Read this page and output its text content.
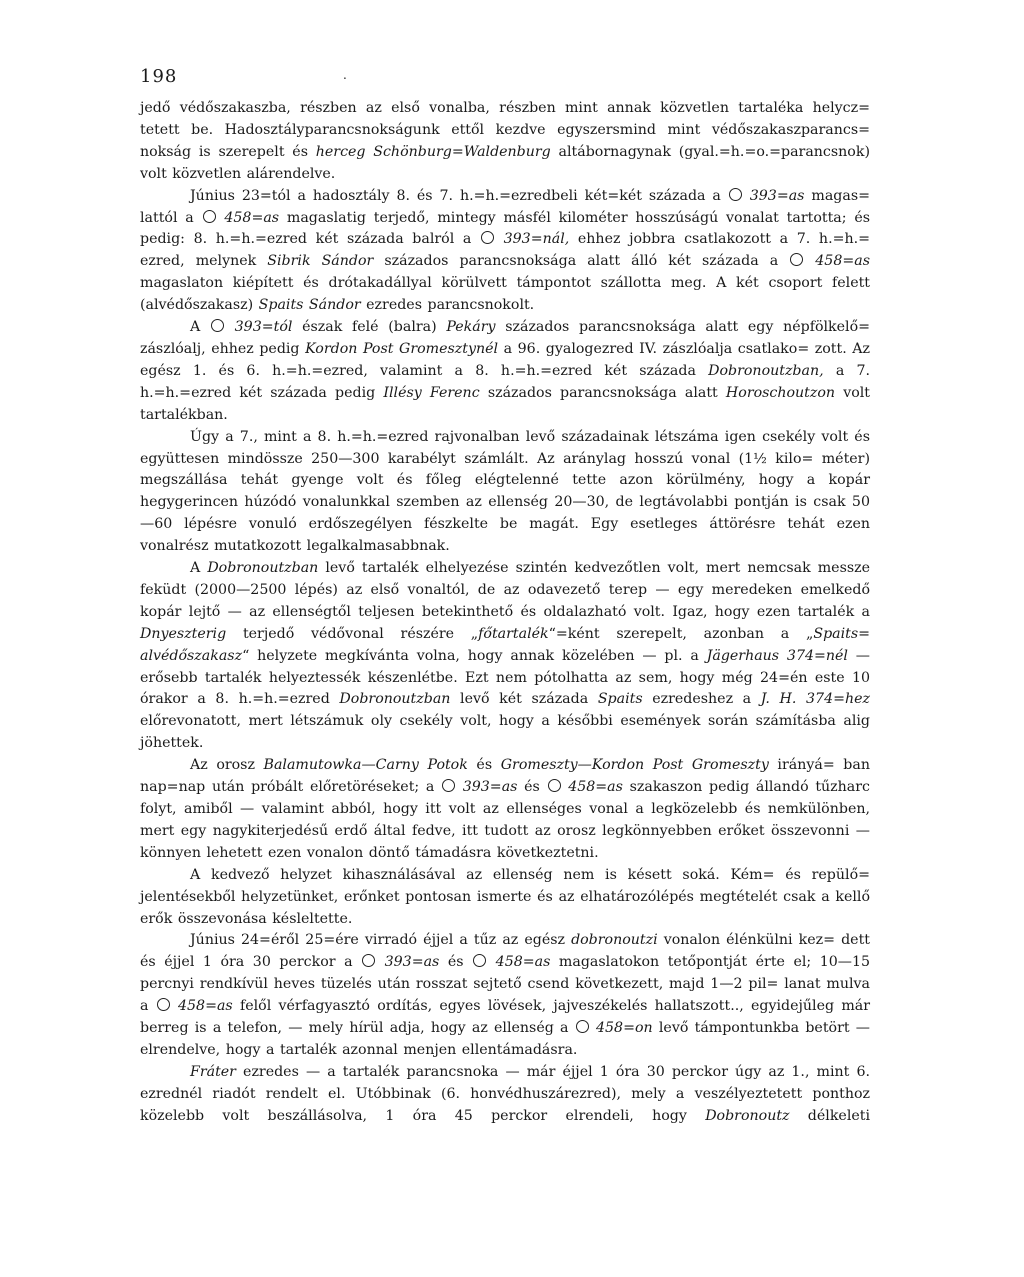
198	.

jedő védőszakaszba, részben az első vonalba, részben mint annak közvetlen tartaléka helycz= tetett be. Hadosztályparancsnokságunk ettől kezdve egyszersmind mint védőszakaszparancs= nokság is szerepelt és herceg Schönburg=Waldenburg altábornagynak (gyal.=h.=o.=parancsnok) volt közvetlen alárendelve.

Június 23=tól a hadosztály 8. és 7. h.=h.=ezredbeli két=két százada a  393=as magas= lattól a  458=as magaslatig terjedő, mintegy másfél kilométer hosszúságú vonalat tartotta; és pedig: 8. h.=h.=ezred két százada balról a  393=nál, ehhez jobbra csatlakozott a 7. h.=h.= ezred, melynek Sibrik Sándor százados parancsnoksága alatt álló két százada a  458=as magaslaton kiépített és drótakadállyal körülvett támpontot szállotta meg. A két csoport felett (alvédőszakasz) Spaits Sándor ezredes parancsnokolt.

A  393=tól észak felé (balra) Pekáry százados parancsnoksága alatt egy népfölkelő= zászlóalj, ehhez pedig Kordon Post Gromesztynél a 96. gyalogezred IV. zászlóalja csatlako= zott. Az egész 1. és 6. h.=h.=ezred, valamint a 8. h.=h.=ezred két százada Dobronoutzban, a 7. h.=h.=ezred két százada pedig Illésy Ferenc százados parancsnoksága alatt Horoschoutzon volt tartalékban.

Úgy a 7., mint a 8. h.=h.=ezred rajvonalban levő századainak létszáma igen csekély volt és együttesen mindössze 250—300 karabélyt számlált. Az aránylag hosszú vonal (1½ kilo= méter) megszállása tehát gyenge volt és főleg elégtelenné tette azon körülmény, hogy a kopár hegygerincen húzódó vonalunkkal szemben az ellenség 20—30, de legtávolabbi pontján is csak 50—60 lépésre vonuló erdőszegélyen fészkelte be magát. Egy esetleges áttörésre tehát ezen vonalrész mutatkozott legalkalmasabbnak.

A Dobronoutzban levő tartalék elhelyezése szintén kedvezőtlen volt, mert nemcsak messze feküdt (2000—2500 lépés) az első vonaltól, de az odavezető terep — egy meredeken emelkedő kopár lejtő — az ellenségtől teljesen betekinthető és oldalazható volt. Igaz, hogy ezen tartalék a Dnyeszterig terjedő védővonal részére „főtartalék“=ként szerepelt, azonban a „Spaits= alvédőszakasz“ helyzete megkívánta volna, hogy annak közelében — pl. a Jägerhaus 374=nél — erősebb tartalék helyeztessék készenlétbe. Ezt nem pótolhatta az sem, hogy még 24=én este 10 órakor a 8. h.=h.=ezred Dobronoutzban levő két százada Spaits ezredeshez a J. H. 374=hez előrevonatott, mert létszámuk oly csekély volt, hogy a későbbi események során számításba alig jöhettek.

Az orosz Balamutowka—Carny Potok és Gromeszty—Kordon Post Gromeszty irányá= ban nap=nap után próbált előretöréseket; a  393=as és  458=as szakaszon pedig állandó tűzharc folyt, amiből — valamint abból, hogy itt volt az ellenséges vonal a legközelebb és nemkülönben, mert egy nagykiterjedésű erdő által fedve, itt tudott az orosz legkönnyebben erőket összevonni — könnyen lehetett ezen vonalon döntő támadásra következtetni.

A kedvező helyzet kihasználásával az ellenség nem is késett soká. Kém= és repülő= jelentésekből helyzetünket, erőnket pontosan ismerte és az elhatározólépés megtételét csak a kellő erők összevonása késleltette.

Június 24=éről 25=ére virradó éjjel a tűz az egész dobronoutzi vonalon élénkülni kez= dett és éjjel 1 óra 30 perckor a  393=as és  458=as magaslatokon tetőpontját érte el; 10—15 percnyi rendkívül heves tüzelés után rosszat sejtető csend következett, majd 1—2 pil= lanat mulva a  458=as felől vérfagyasztó ordítás, egyes lövések, jajveszékelés hallatszott.., egyidejűleg már berreg is a telefon, — mely hírül adja, hogy az ellenség a  458=on levő támpontunkba betört — elrendelve, hogy a tartalék azonnal menjen ellentámadásra.

Fráter ezredes — a tartalék parancsnoka — már éjjel 1 óra 30 perckor úgy az 1., mint 6. ezrednél riadót rendelt el. Utóbbinak (6. honvédhuszárezred), mely a veszélyeztetett ponthoz közelebb volt beszállásolva, 1 óra 45 perckor elrendeli, hogy Dobronoutz délkeleti
